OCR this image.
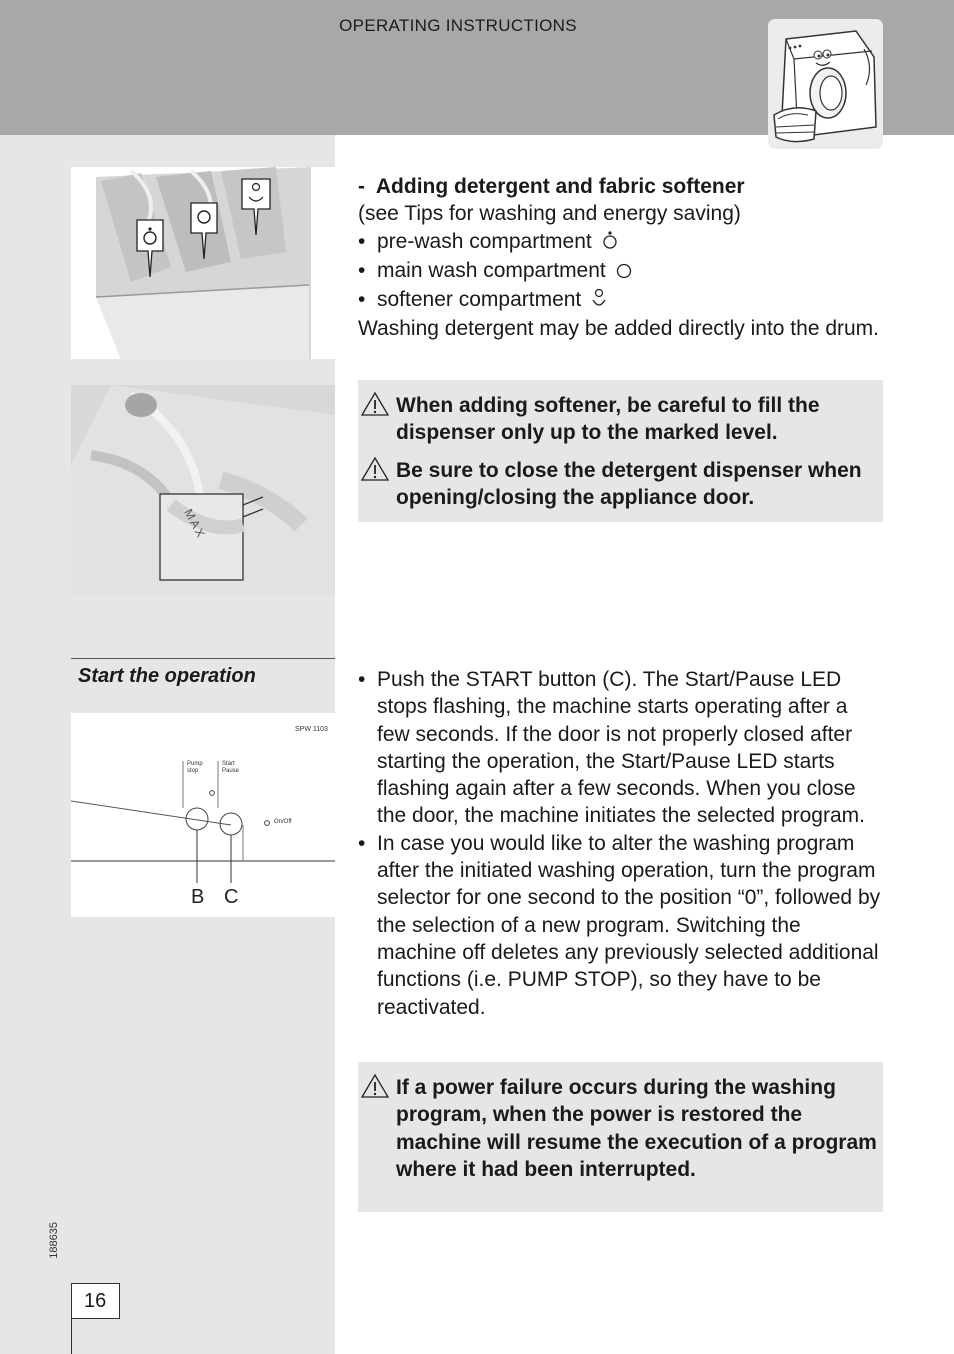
OPERATING INSTRUCTIONS
MAX
- Adding detergent and fabric softener
(see Tips for washing and energy saving)
• pre-wash compartment
• main wash compartment
• softener compartment
Washing detergent may be added directly into the drum.
When adding softener, be careful to fill the dispenser only up to the marked level.
Be sure to close the detergent dispenser when opening/closing the appliance door.
Start the operation
SPW 1103
Pump stop
Start Pause
On/Off
B C
• Push the START button (C). The Start/Pause LED stops flashing, the machine starts operating after a few seconds. If the door is not properly closed after starting the operation, the Start/Pause LED starts flashing again after a few seconds. When you close the door, the machine initiates the selected program.
• In case you would like to alter the washing program after the initiated washing operation, turn the program selector for one second to the position “0”, followed by the selection of a new program. Switching the machine off deletes any previously selected additional functions (i.e. PUMP STOP), so they have to be reactivated.
If a power failure occurs during the washing program, when the power is restored the machine will resume the execution of a program where it had been interrupted.
188635
16
